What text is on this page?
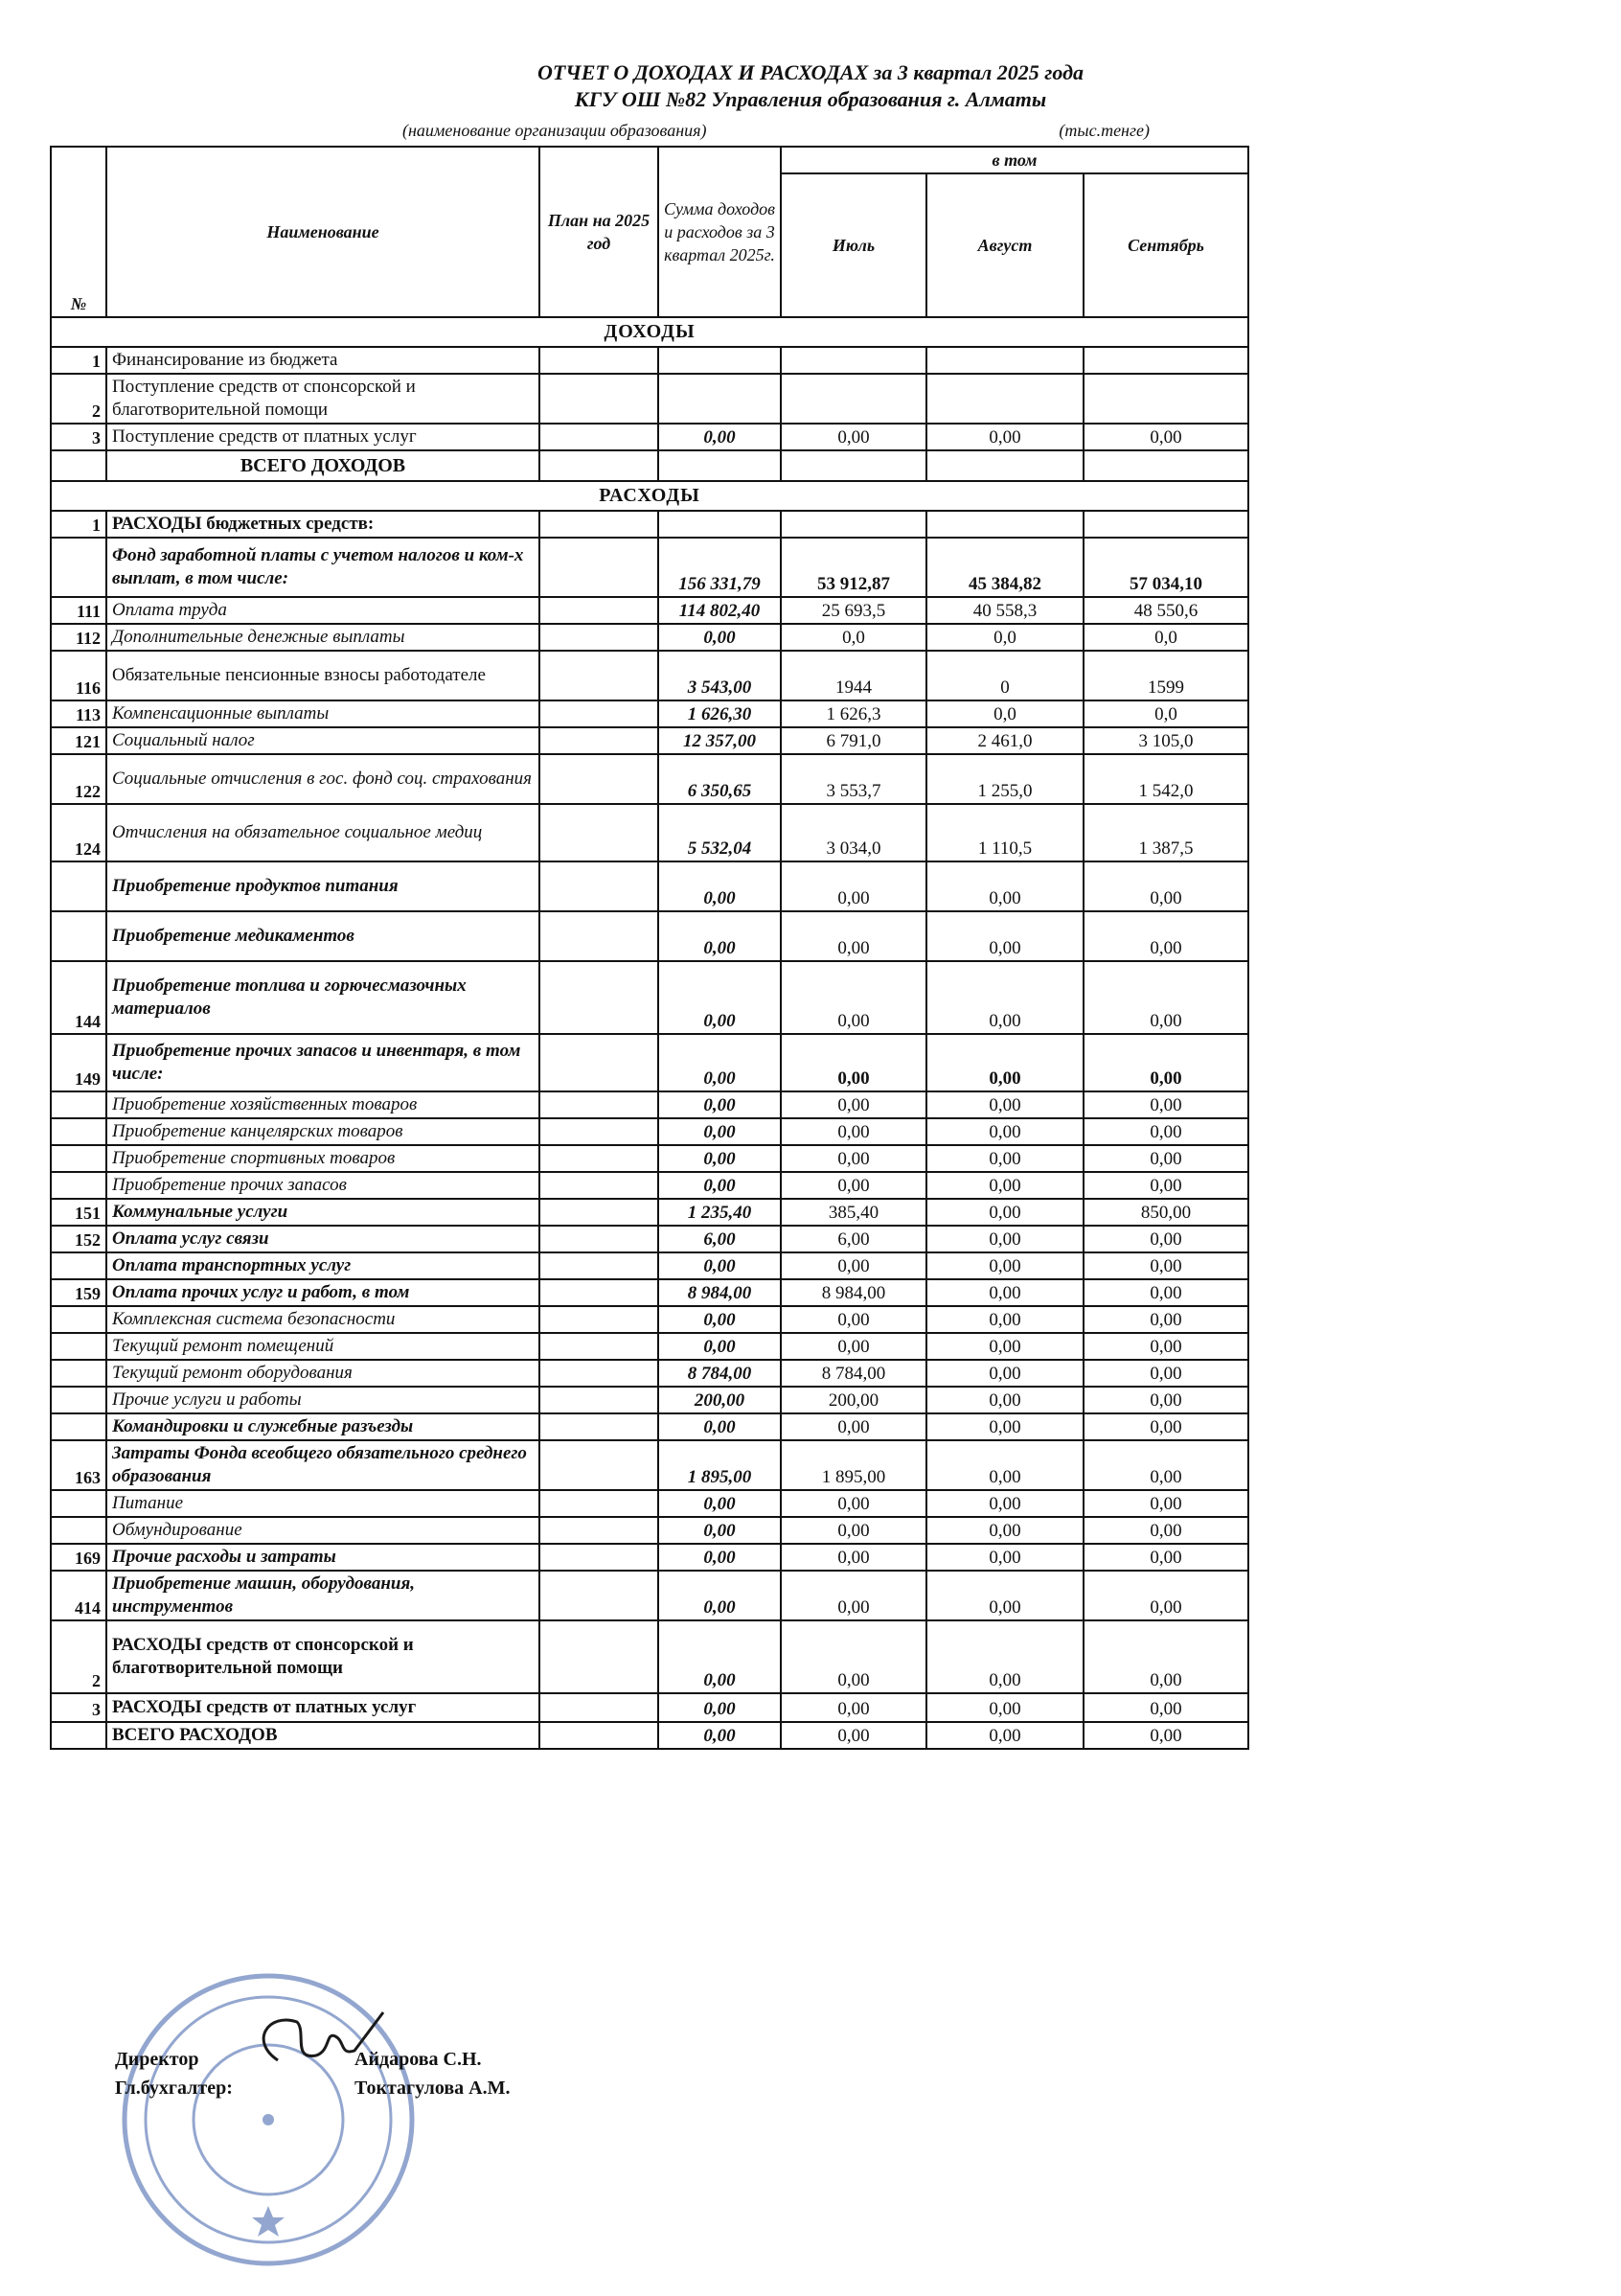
ОТЧЕТ О ДОХОДАХ И РАСХОДАХ за 3 квартал 2025 года
КГУ ОШ №82 Управления образования г. Алматы
(наименование организации образования)	(тыс.тенге)
№	Наименование	План на 2025 год	Сумма доходов и расходов за 3 квартал 2025г.	в том		
				Июль	Август	Сентябрь
ДОХОДЫ						
1	Финансирование из бюджета					
2	Поступление средств от спонсорской и благотворительной помощи					
3	Поступление средств от платных услуг		0,00	0,00	0,00	0,00
	ВСЕГО ДОХОДОВ					
РАСХОДЫ						
1	РАСХОДЫ бюджетных средств:					
	Фонд заработной платы с учетом налогов и ком-х выплат, в том числе:		156 331,79	53 912,87	45 384,82	57 034,10
111	Оплата труда		114 802,40	25 693,5	40 558,3	48 550,6
112	Дополнительные денежные выплаты		0,00	0,0	0,0	0,0
116	Обязательные пенсионные взносы работодателе		3 543,00	1944	0	1599
113	Компенсационные выплаты		1 626,30	1 626,3	0,0	0,0
121	Социальный налог		12 357,00	6 791,0	2 461,0	3 105,0
122	Социальные отчисления в гос. фонд соц. страхования		6 350,65	3 553,7	1 255,0	1 542,0
124	Отчисления на обязательное социальное медиц		5 532,04	3 034,0	1 110,5	1 387,5
	Приобретение продуктов питания		0,00	0,00	0,00	0,00
	Приобретение медикаментов		0,00	0,00	0,00	0,00
144	Приобретение топлива и горючесмазочных материалов		0,00	0,00	0,00	0,00
149	Приобретение прочих запасов и инвентаря, в том числе:		0,00	0,00	0,00	0,00
	Приобретение хозяйственных товаров		0,00	0,00	0,00	0,00
	Приобретение канцелярских товаров		0,00	0,00	0,00	0,00
	Приобретение спортивных товаров		0,00	0,00	0,00	0,00
	Приобретение прочих запасов		0,00	0,00	0,00	0,00
151	Коммунальные услуги		1 235,40	385,40	0,00	850,00
152	Оплата услуг связи		6,00	6,00	0,00	0,00
	Оплата транспортных услуг		0,00	0,00	0,00	0,00
159	Оплата прочих услуг и работ, в том		8 984,00	8 984,00	0,00	0,00
	Комплексная система безопасности		0,00	0,00	0,00	0,00
	Текущий ремонт помещений		0,00	0,00	0,00	0,00
	Текущий ремонт оборудования		8 784,00	8 784,00	0,00	0,00
	Прочие услуги и работы		200,00	200,00	0,00	0,00
	Командировки и служебные разъезды		0,00	0,00	0,00	0,00
163	Затраты Фонда всеобщего обязательного среднего образования		1 895,00	1 895,00	0,00	0,00
	Питание		0,00	0,00	0,00	0,00
	Обмундирование		0,00	0,00	0,00	0,00
169	Прочие расходы и затраты		0,00	0,00	0,00	0,00
414	Приобретение машин, оборудования, инструментов		0,00	0,00	0,00	0,00
2	РАСХОДЫ средств от спонсорской и благотворительной помощи		0,00	0,00	0,00	0,00
3	РАСХОДЫ средств от платных услуг		0,00	0,00	0,00	0,00
	ВСЕГО РАСХОДОВ		0,00	0,00	0,00	0,00
Директор	Айдарова С.Н.
Гл.бухгалтер:	Токтагулова А.М.
